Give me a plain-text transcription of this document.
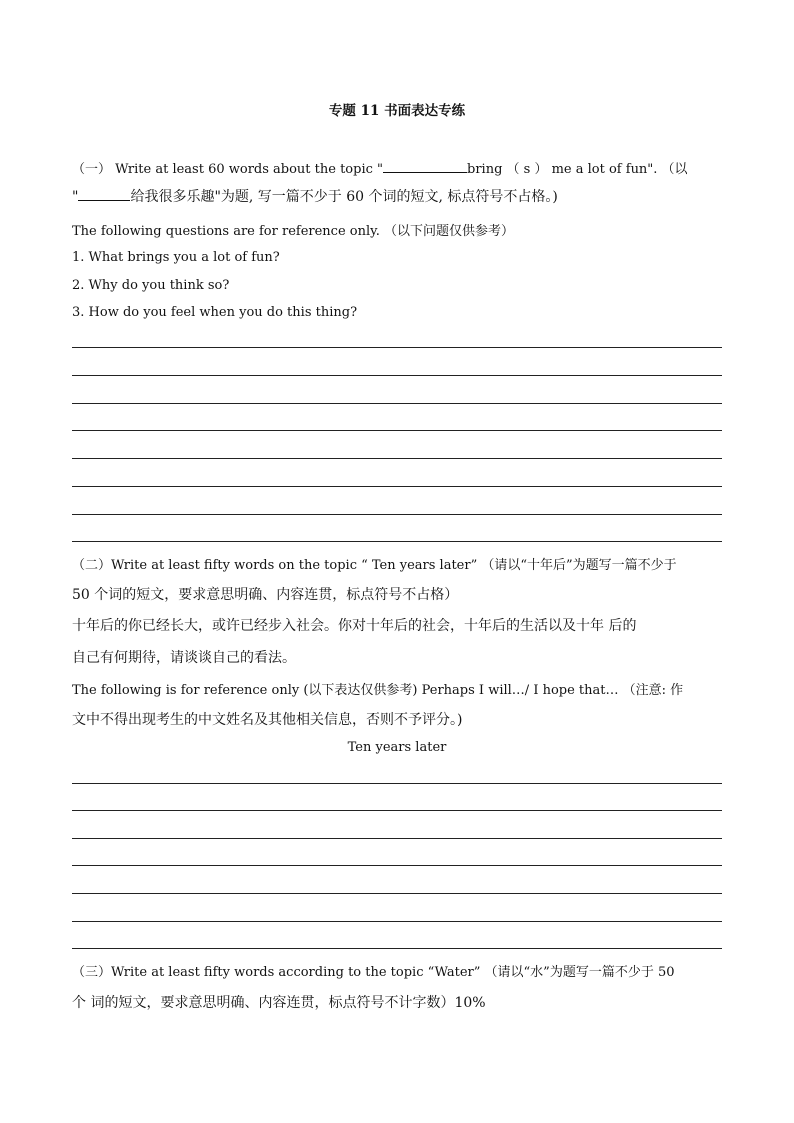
专题 11 书面表达专练
（一） Write at least 60 words about the topic "	bring （ s ） me a lot of fun". （以
"	给我很多乐趣"为题, 写一篇不少于 60 个词的短文, 标点符号不占格。)
The following questions are for reference only. （以下问题仅供参考）
1. What brings you a lot of fun?
2. Why do you think so?
3. How do you feel when you do this thing?
（二）Write at least fifty words on the topic “ Ten years later” （请以“十年后”为题写一篇不少于
50 个词的短文，要求意思明确、内容连贯，标点符号不占格）
十年后的你已经长大，或许已经步入社会。你对十年后的社会，十年后的生活以及十年 后的
自己有何期待，请谈谈自己的看法。
The following is for reference only (以下表达仅供参考) Perhaps I will…/ I hope that… （注意: 作
文中不得出现考生的中文姓名及其他相关信息，否则不予评分。)
Ten years later
（三）Write at least fifty words according to the topic “Water” （请以“水”为题写一篇不少于 50
个 词的短文，要求意思明确、内容连贯，标点符号不计字数）10%
